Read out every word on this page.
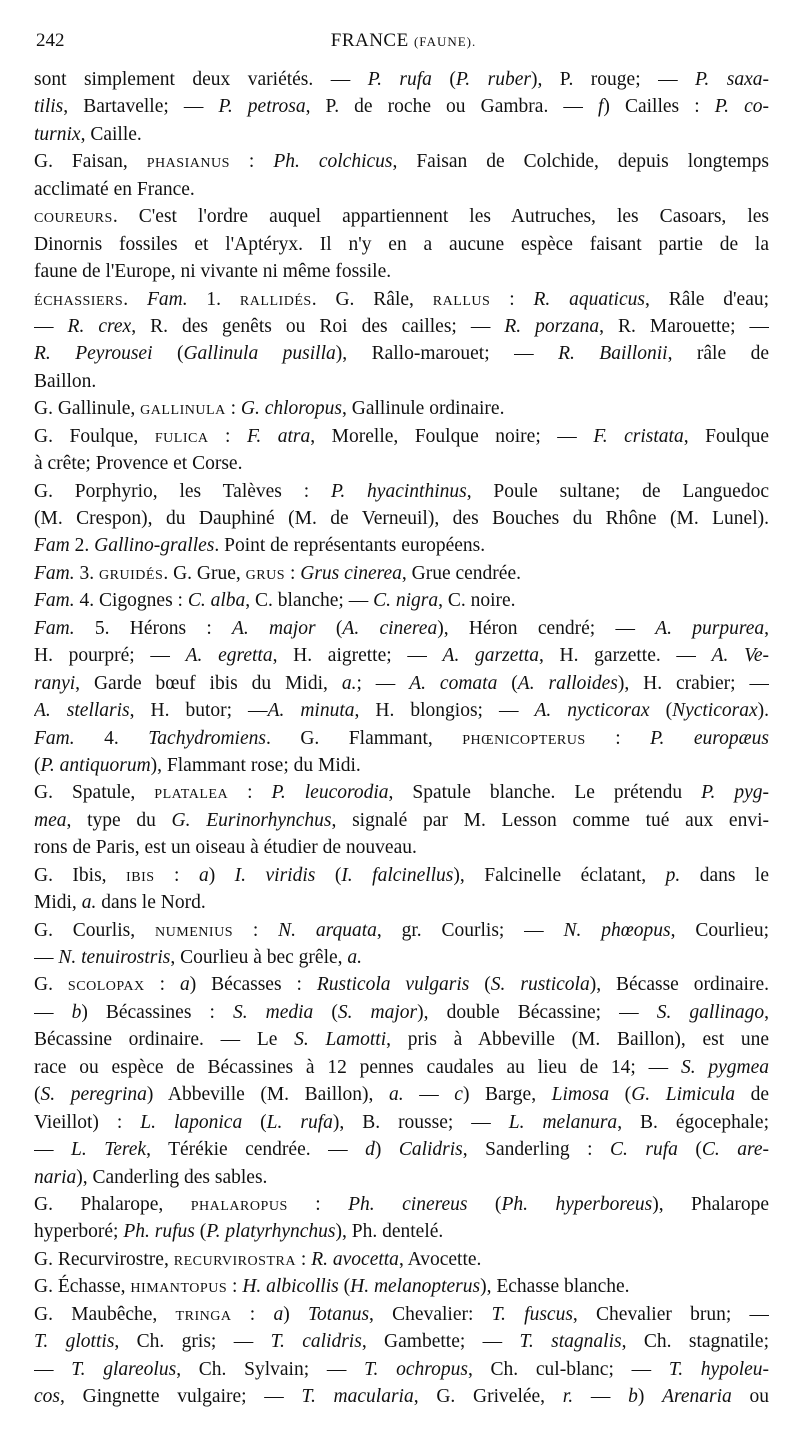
242	FRANCE (FAUNE).
sont simplement deux variétés. — P. rufa (P. ruber), P. rouge; — P. saxa-
tilis, Bartavelle; — P. petrosa, P. de roche ou Gambra. — f) Cailles : P. co-
turnix, Caille.
G. Faisan, PHASIANUS : Ph. colchicus, Faisan de Colchide, depuis longtemps
acclimaté en France.
COUREURS. C'est l'ordre auquel appartiennent les Autruches, les Casoars, les
Dinornis fossiles et l'Aptéryx. Il n'y en a aucune espèce faisant partie de la
faune de l'Europe, ni vivante ni même fossile.
ÉCHASSIERS. Fam. 1. RALLIDÉS. G. Râle, RALLUS : R. aquaticus, Râle d'eau;
— R. crex, R. des genêts ou Roi des cailles; — R. porzana, R. Marouette; —
R. Peyrousei (Gallinula pusilla), Rallo-marouet; — R. Baillonii, râle de
Baillon.
G. Gallinule, GALLINULA : G. chloropus, Gallinule ordinaire.
G. Foulque, FULICA : F. atra, Morelle, Foulque noire; — F. cristata, Foulque
à crête; Provence et Corse.
G. Porphyrio, les Talèves : P. hyacinthinus, Poule sultane; de Languedoc
(M. Crespon), du Dauphiné (M. de Verneuil), des Bouches du Rhône (M. Lunel).
Fam 2. Gallino-gralles. Point de représentants européens.
Fam. 3. GRUIDÉS. G. Grue, GRUS : Grus cinerea, Grue cendrée.
Fam. 4. Cigognes : C. alba, C. blanche; — C. nigra, C. noire.
Fam. 5. Hérons : A. major (A. cinerea), Héron cendré; — A. purpurea,
H. pourpré; — A. egretta, H. aigrette; — A. garzetta, H. garzette. — A. Ve-
ranyi, Garde bœuf ibis du Midi, a.; — A. comata (A. ralloides), H. crabier; —
A. stellaris, H. butor; —A. minuta, H. blongios; — A. nycticorax (Nycticorax).
Fam. 4. Tachydromiens. G. Flammant, PHŒNICOPTERUS : P. europæus
(P. antiquorum), Flammant rose; du Midi.
G. Spatule, PLATALEA : P. leucorodia, Spatule blanche. Le prétendu P. pyg-
mea, type du G. Eurinorhynchus, signalé par M. Lesson comme tué aux envi-
rons de Paris, est un oiseau à étudier de nouveau.
G. Ibis, IBIS : a) I. viridis (I. falcinellus), Falcinelle éclatant, p. dans le
Midi, a. dans le Nord.
G. Courlis, NUMENIUS : N. arquata, gr. Courlis; — N. phœopus, Courlieu;
— N. tenuirostris, Courlieu à bec grêle, a.
G. SCOLOPAX : a) Bécasses : Rusticola vulgaris (S. rusticola), Bécasse ordinaire.
— b) Bécassines : S. media (S. major), double Bécassine; — S. gallinago,
Bécassine ordinaire. — Le S. Lamotti, pris à Abbeville (M. Baillon), est une
race ou espèce de Bécassines à 12 pennes caudales au lieu de 14; — S. pygmea
(S. peregrina) Abbeville (M. Baillon), a. — c) Barge, Limosa (G. Limicula de
Vieillot) : L. laponica (L. rufa), B. rousse; — L. melanura, B. égocephale;
— L. Terek, Térékie cendrée. — d) Calidris, Sanderling : C. rufa (C. are-
naria), Canderling des sables.
G. Phalarope, PHALAROPUS : Ph. cinereus (Ph. hyperboreus), Phalarope
hyperboré; Ph. rufus (P. platyrhynchus), Ph. dentelé.
G. Recurvirostre, RECURVIROSTRA : R. avocetta, Avocette.
G. Échasse, HIMANTOPUS : H. albicollis (H. melanopterus), Echasse blanche.
G. Maubêche, TRINGA : a) Totanus, Chevalier: T. fuscus, Chevalier brun; —
T. glottis, Ch. gris; — T. calidris, Gambette; — T. stagnalis, Ch. stagnatile;
— T. glareolus, Ch. Sylvain; — T. ochropus, Ch. cul-blanc; — T. hypoleu-
cos, Gingnette vulgaire; — T. macularia, G. Grivelée, r. — b) Arenaria ou
